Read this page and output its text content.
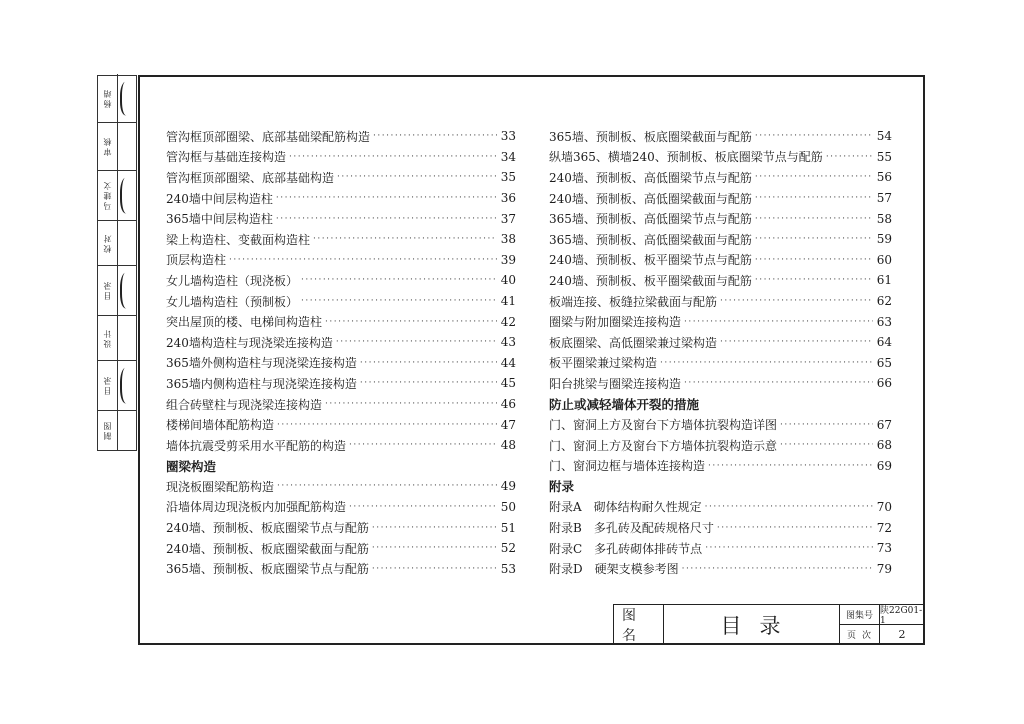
制图
目录
设计
目录
校对
马建文
审核
杨靖
管沟框顶部圈梁、底部基础梁配筋构造 ·····	33
管沟框与基础连接构造 ·····	34
管沟框顶部圈梁、底部基础构造 ·····	35
240墙中间层构造柱 ·····	36
365墙中间层构造柱 ·····	37
梁上构造柱、变截面构造柱 ·····	38
顶层构造柱 ·····	39
女儿墙构造柱（现浇板） ·····	40
女儿墙构造柱（预制板） ·····	41
突出屋顶的楼、电梯间构造柱 ·····	42
240墙构造柱与现浇梁连接构造 ·····	43
365墙外侧构造柱与现浇梁连接构造 ·····	44
365墙内侧构造柱与现浇梁连接构造 ·····	45
组合砖壁柱与现浇梁连接构造 ·····	46
楼梯间墙体配筋构造 ·····	47
墙体抗震受剪采用水平配筋的构造 ·····	48
圈梁构造
现浇板圈梁配筋构造 ·····	49
沿墙体周边现浇板内加强配筋构造 ·····	50
240墙、预制板、板底圈梁节点与配筋 ·····	51
240墙、预制板、板底圈梁截面与配筋 ·····	52
365墙、预制板、板底圈梁节点与配筋 ·····	53
365墙、预制板、板底圈梁截面与配筋 ·····	54
纵墙365、横墙240、预制板、板底圈梁节点与配筋 ·····	55
240墙、预制板、高低圈梁节点与配筋 ·····	56
240墙、预制板、高低圈梁截面与配筋 ·····	57
365墙、预制板、高低圈梁节点与配筋 ·····	58
365墙、预制板、高低圈梁截面与配筋 ·····	59
240墙、预制板、板平圈梁节点与配筋 ·····	60
240墙、预制板、板平圈梁截面与配筋 ·····	61
板端连接、板缝拉梁截面与配筋 ·····	62
圈梁与附加圈梁连接构造 ·····	63
板底圈梁、高低圈梁兼过梁构造 ·····	64
板平圈梁兼过梁构造 ·····	65
阳台挑梁与圈梁连接构造 ·····	66
防止或减轻墙体开裂的措施
门、窗洞上方及窗台下方墙体抗裂构造详图 ·····	67
门、窗洞上方及窗台下方墙体抗裂构造示意 ·····	68
门、窗洞边框与墙体连接构造 ·····	69
附录
附录A　砌体结构耐久性规定 ·····	70
附录B　多孔砖及配砖规格尺寸 ·····	72
附录C　多孔砖砌体排砖节点 ·····	73
附录D　硬架支模参考图 ·····	79
图名	目录	图集号 陕22G01-1
页次	2
